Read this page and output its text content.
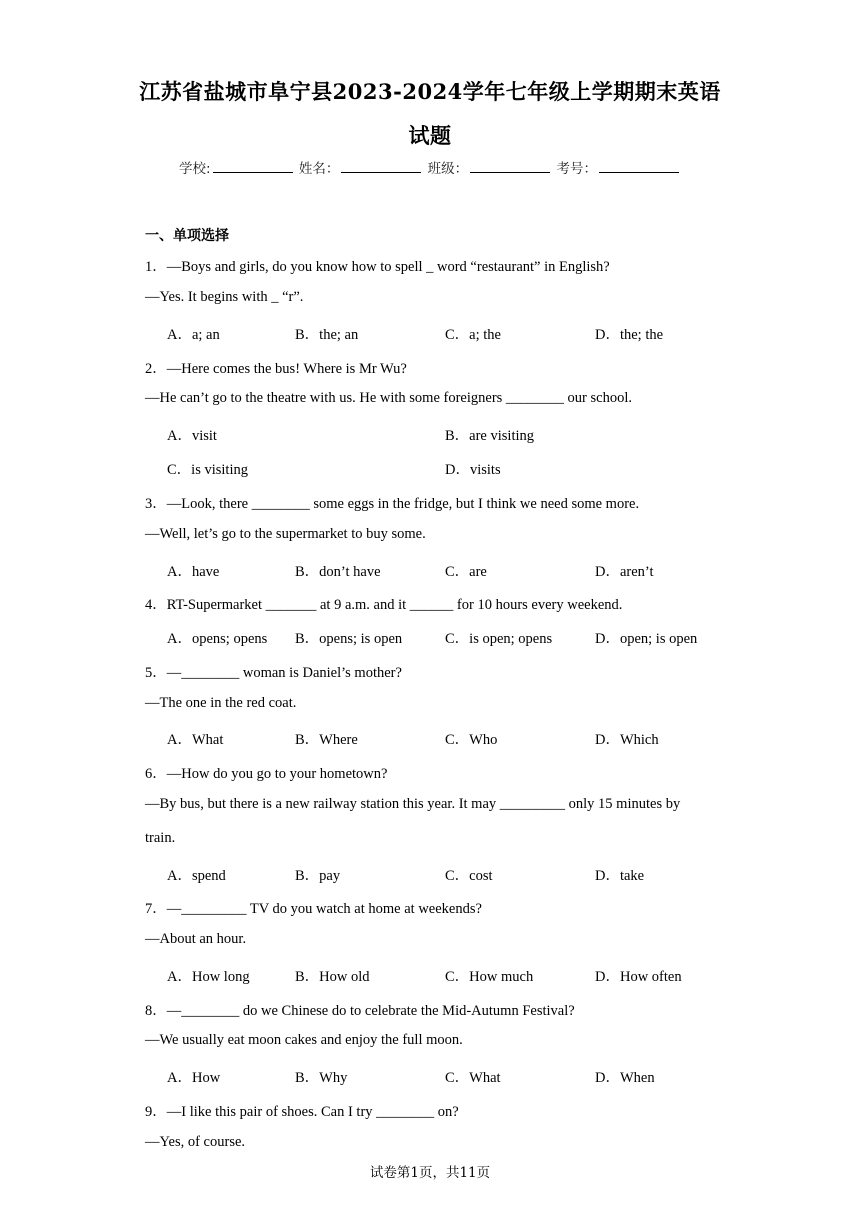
江苏省盐城市阜宁县2023-2024学年七年级上学期期末英语
试题
学校:	姓名：	班级：	考号：
一、单项选择
1．—Boys and girls, do you know how to spell _ word “restaurant” in English?
—Yes. It begins with _ “r”.
A．a; an	B．the; an	C．a; the	D．the; the
2．—Here comes the bus! Where is Mr Wu?
—He can’t go to the theatre with us. He with some foreigners ________ our school.
A．visit	B．are visiting
C．is visiting	D．visits
3．—Look, there ________ some eggs in the fridge, but I think we need some more.
—Well, let’s go to the supermarket to buy some.
A．have	B．don’t have	C．are	D．aren’t
4．RT-Supermarket _______ at 9 a.m. and it ______ for 10 hours every weekend.
A．opens; opens B．opens; is open	C．is open; opens	D．open; is open
5．—________ woman is Daniel’s mother?
—The one in the red coat.
A．What	B．Where	C．Who	D．Which
6．—How do you go to your hometown?
—By bus, but there is a new railway station this year. It may _________ only 15 minutes by
train.
A．spend	B．pay	C．cost	D．take
7．—_________ TV do you watch at home at weekends?
—About an hour.
A．How long	B．How old	C．How much	D．How often
8．—________ do we Chinese do to celebrate the Mid-Autumn Festival?
—We usually eat moon cakes and enjoy the full moon.
A．How	B．Why	C．What	D．When
9．—I like this pair of shoes. Can I try ________ on?
—Yes, of course.
试卷第1页，共11页
